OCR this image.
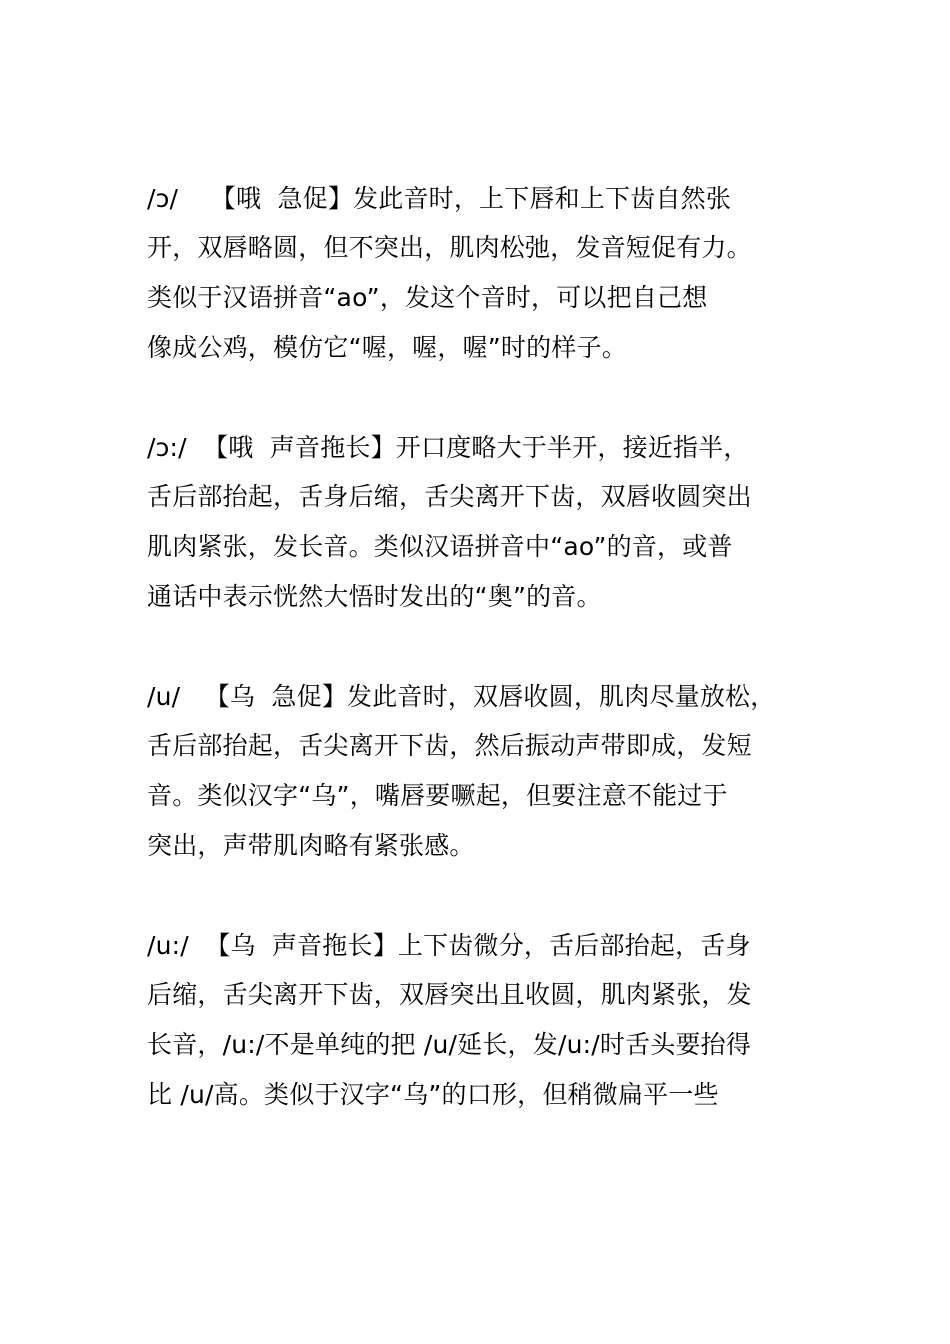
/ɔ/    【哦  急促】发此音时，上下唇和上下齿自然张
开，双唇略圆，但不突出，肌肉松弛，发音短促有力。
类似于汉语拼音“ao”，发这个音时，可以把自己想
像成公鸡，模仿它“喔，喔，喔”时的样子。
/ɔ:/  【哦  声音拖长】开口度略大于半开，接近指半，
舌后部抬起，舌身后缩，舌尖离开下齿，双唇收圆突出
肌肉紧张，发长音。类似汉语拼音中“ao”的音，或普
通话中表示恍然大悟时发出的“奥”的音。
/u/   【乌  急促】发此音时，双唇收圆，肌肉尽量放松，
舌后部抬起，舌尖离开下齿，然后振动声带即成，发短
音。类似汉字“乌”，嘴唇要噘起，但要注意不能过于
突出，声带肌肉略有紧张感。
/u:/  【乌  声音拖长】上下齿微分，舌后部抬起，舌身
后缩，舌尖离开下齿，双唇突出且收圆，肌肉紧张，发
长音，/u:/不是单纯的把 /u/延长，发/u:/时舌头要抬得
比 /u/高。类似于汉字“乌”的口形，但稍微扁平一些
